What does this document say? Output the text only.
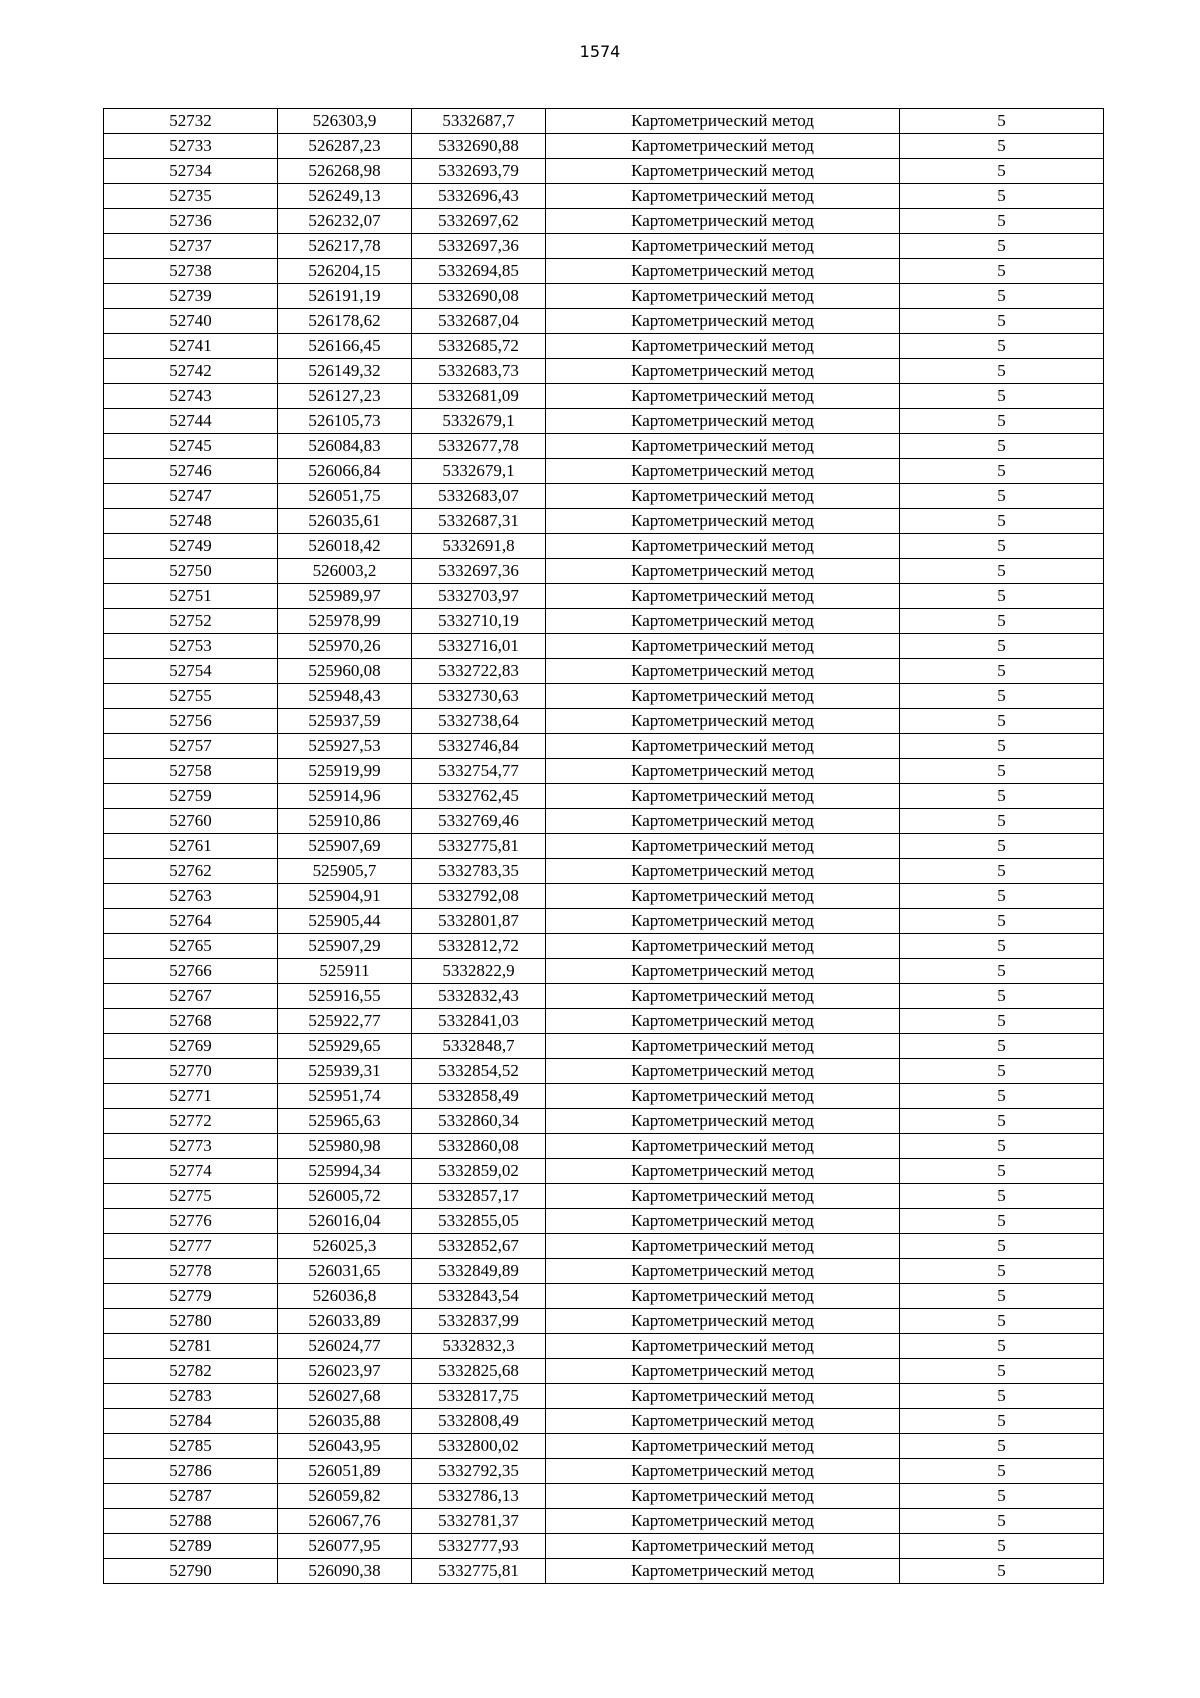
1574
52732	526303,9	5332687,7	Картометрический метод	5
52733	526287,23	5332690,88	Картометрический метод	5
52734	526268,98	5332693,79	Картометрический метод	5
52735	526249,13	5332696,43	Картометрический метод	5
52736	526232,07	5332697,62	Картометрический метод	5
52737	526217,78	5332697,36	Картометрический метод	5
52738	526204,15	5332694,85	Картометрический метод	5
52739	526191,19	5332690,08	Картометрический метод	5
52740	526178,62	5332687,04	Картометрический метод	5
52741	526166,45	5332685,72	Картометрический метод	5
52742	526149,32	5332683,73	Картометрический метод	5
52743	526127,23	5332681,09	Картометрический метод	5
52744	526105,73	5332679,1	Картометрический метод	5
52745	526084,83	5332677,78	Картометрический метод	5
52746	526066,84	5332679,1	Картометрический метод	5
52747	526051,75	5332683,07	Картометрический метод	5
52748	526035,61	5332687,31	Картометрический метод	5
52749	526018,42	5332691,8	Картометрический метод	5
52750	526003,2	5332697,36	Картометрический метод	5
52751	525989,97	5332703,97	Картометрический метод	5
52752	525978,99	5332710,19	Картометрический метод	5
52753	525970,26	5332716,01	Картометрический метод	5
52754	525960,08	5332722,83	Картометрический метод	5
52755	525948,43	5332730,63	Картометрический метод	5
52756	525937,59	5332738,64	Картометрический метод	5
52757	525927,53	5332746,84	Картометрический метод	5
52758	525919,99	5332754,77	Картометрический метод	5
52759	525914,96	5332762,45	Картометрический метод	5
52760	525910,86	5332769,46	Картометрический метод	5
52761	525907,69	5332775,81	Картометрический метод	5
52762	525905,7	5332783,35	Картометрический метод	5
52763	525904,91	5332792,08	Картометрический метод	5
52764	525905,44	5332801,87	Картометрический метод	5
52765	525907,29	5332812,72	Картометрический метод	5
52766	525911	5332822,9	Картометрический метод	5
52767	525916,55	5332832,43	Картометрический метод	5
52768	525922,77	5332841,03	Картометрический метод	5
52769	525929,65	5332848,7	Картометрический метод	5
52770	525939,31	5332854,52	Картометрический метод	5
52771	525951,74	5332858,49	Картометрический метод	5
52772	525965,63	5332860,34	Картометрический метод	5
52773	525980,98	5332860,08	Картометрический метод	5
52774	525994,34	5332859,02	Картометрический метод	5
52775	526005,72	5332857,17	Картометрический метод	5
52776	526016,04	5332855,05	Картометрический метод	5
52777	526025,3	5332852,67	Картометрический метод	5
52778	526031,65	5332849,89	Картометрический метод	5
52779	526036,8	5332843,54	Картометрический метод	5
52780	526033,89	5332837,99	Картометрический метод	5
52781	526024,77	5332832,3	Картометрический метод	5
52782	526023,97	5332825,68	Картометрический метод	5
52783	526027,68	5332817,75	Картометрический метод	5
52784	526035,88	5332808,49	Картометрический метод	5
52785	526043,95	5332800,02	Картометрический метод	5
52786	526051,89	5332792,35	Картометрический метод	5
52787	526059,82	5332786,13	Картометрический метод	5
52788	526067,76	5332781,37	Картометрический метод	5
52789	526077,95	5332777,93	Картометрический метод	5
52790	526090,38	5332775,81	Картометрический метод	5
